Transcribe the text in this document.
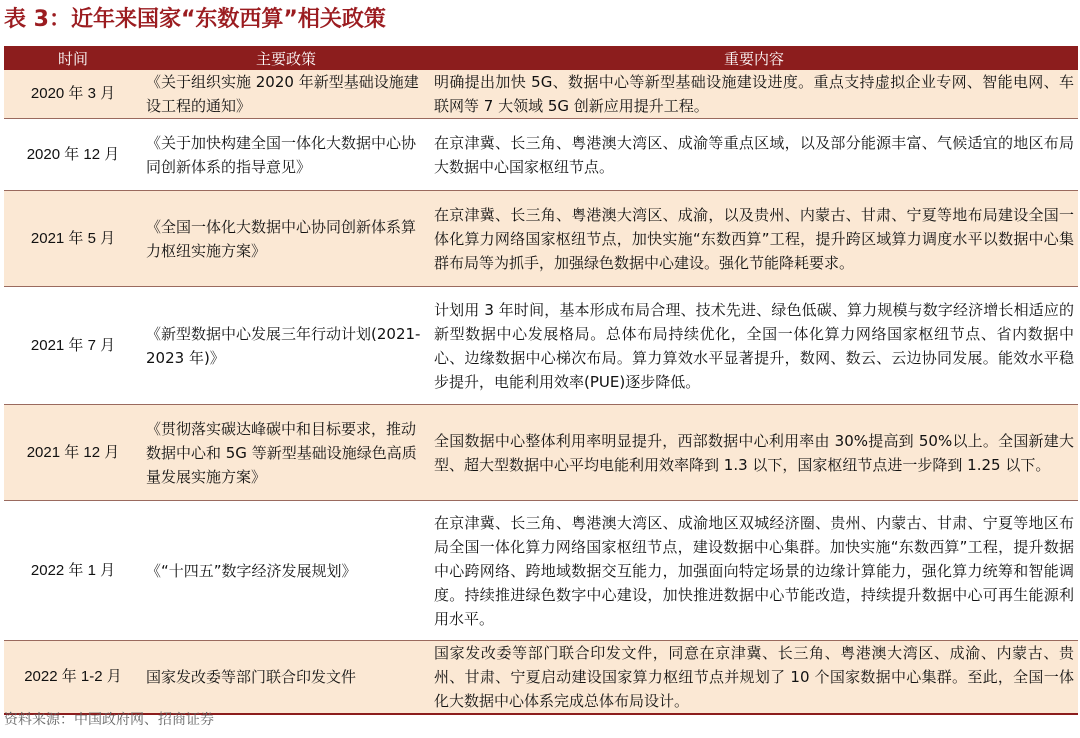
表 3：近年来国家“东数西算”相关政策
时间	主要政策	重要内容
2020 年 3 月	《关于组织实施 2020 年新型基础设施建设工程的通知》	明确提出加快 5G、数据中心等新型基础设施建设进度。重点支持虚拟企业专网、智能电网、车联网等 7 大领域 5G 创新应用提升工程。
2020 年 12 月	《关于加快构建全国一体化大数据中心协同创新体系的指导意见》	在京津冀、长三角、粤港澳大湾区、成渝等重点区域，以及部分能源丰富、气候适宜的地区布局大数据中心国家枢纽节点。
2021 年 5 月	《全国一体化大数据中心协同创新体系算力枢纽实施方案》	在京津冀、长三角、粤港澳大湾区、成渝，以及贵州、内蒙古、甘肃、宁夏等地布局建设全国一体化算力网络国家枢纽节点，加快实施“东数西算”工程，提升跨区域算力调度水平以数据中心集群布局等为抓手，加强绿色数据中心建设。强化节能降耗要求。
2021 年 7 月	《新型数据中心发展三年行动计划(2021-2023 年)》	计划用 3 年时间，基本形成布局合理、技术先进、绿色低碳、算力规模与数字经济增长相适应的新型数据中心发展格局。总体布局持续优化，全国一体化算力网络国家枢纽节点、省内数据中心、边缘数据中心梯次布局。算力算效水平显著提升，数网、数云、云边协同发展。能效水平稳步提升，电能利用效率(PUE)逐步降低。
2021 年 12 月	《贯彻落实碳达峰碳中和目标要求，推动数据中心和 5G 等新型基础设施绿色高质量发展实施方案》	全国数据中心整体利用率明显提升，西部数据中心利用率由 30%提高到 50%以上。全国新建大型、超大型数据中心平均电能利用效率降到 1.3 以下，国家枢纽节点进一步降到 1.25 以下。
2022 年 1 月	《“十四五”数字经济发展规划》	在京津冀、长三角、粤港澳大湾区、成渝地区双城经济圈、贵州、内蒙古、甘肃、宁夏等地区布局全国一体化算力网络国家枢纽节点，建设数据中心集群。加快实施“东数西算”工程，提升数据中心跨网络、跨地域数据交互能力，加强面向特定场景的边缘计算能力，强化算力统筹和智能调度。持续推进绿色数字中心建设，加快推进数据中心节能改造，持续提升数据中心可再生能源利用水平。
2022 年 1-2 月	国家发改委等部门联合印发文件	国家发改委等部门联合印发文件，同意在京津冀、长三角、粤港澳大湾区、成渝、内蒙古、贵州、甘肃、宁夏启动建设国家算力枢纽节点并规划了 10 个国家数据中心集群。至此，全国一体化大数据中心体系完成总体布局设计。
资料来源：中国政府网、招商证券
